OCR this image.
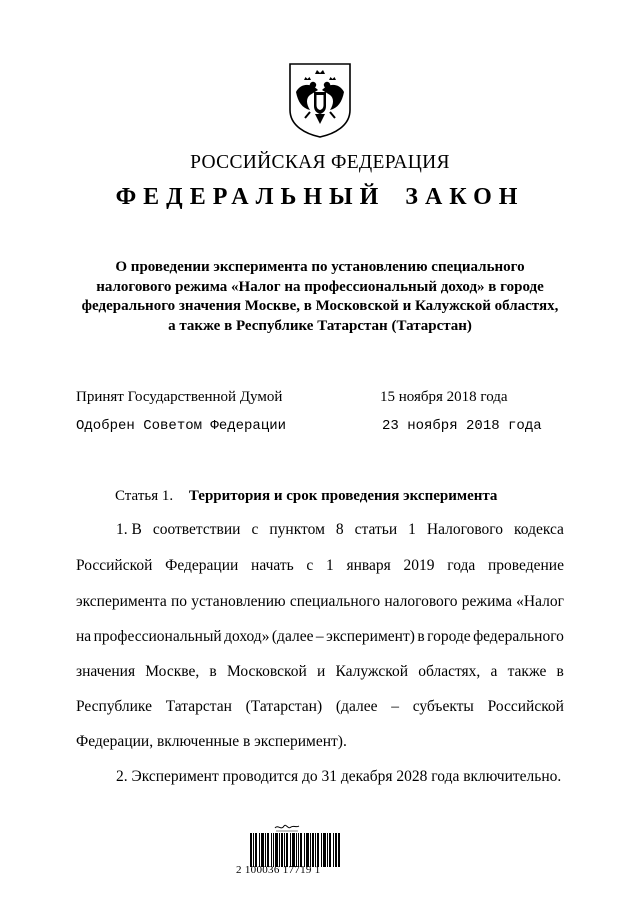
РОССИЙСКАЯ ФЕДЕРАЦИЯ
ФЕДЕРАЛЬНЫЙ ЗАКОН
О проведении эксперимента по установлению специального
налогового режима «Налог на профессиональный доход» в городе
федерального значения Москве, в Московской и Калужской областях,
а также в Республике Татарстан (Татарстан)
Принят Государственной Думой	15 ноября 2018 года
Одобрен Советом Федерации	23 ноября 2018 года
Статья 1. Территория и срок проведения эксперимента
1. В соответствии с пунктом 8 статьи 1 Налогового кодекса
Российской Федерации начать с 1 января 2019 года проведение
эксперимента по установлению специального налогового режима «Налог
на профессиональный доход» (далее – эксперимент) в городе федерального
значения Москве, в Московской и Калужской областях, а также в
Республике Татарстан (Татарстан) (далее – субъекты Российской
Федерации, включенные в эксперимент).
2. Эксперимент проводится до 31 декабря 2028 года включительно.
2 100036 17719 1
